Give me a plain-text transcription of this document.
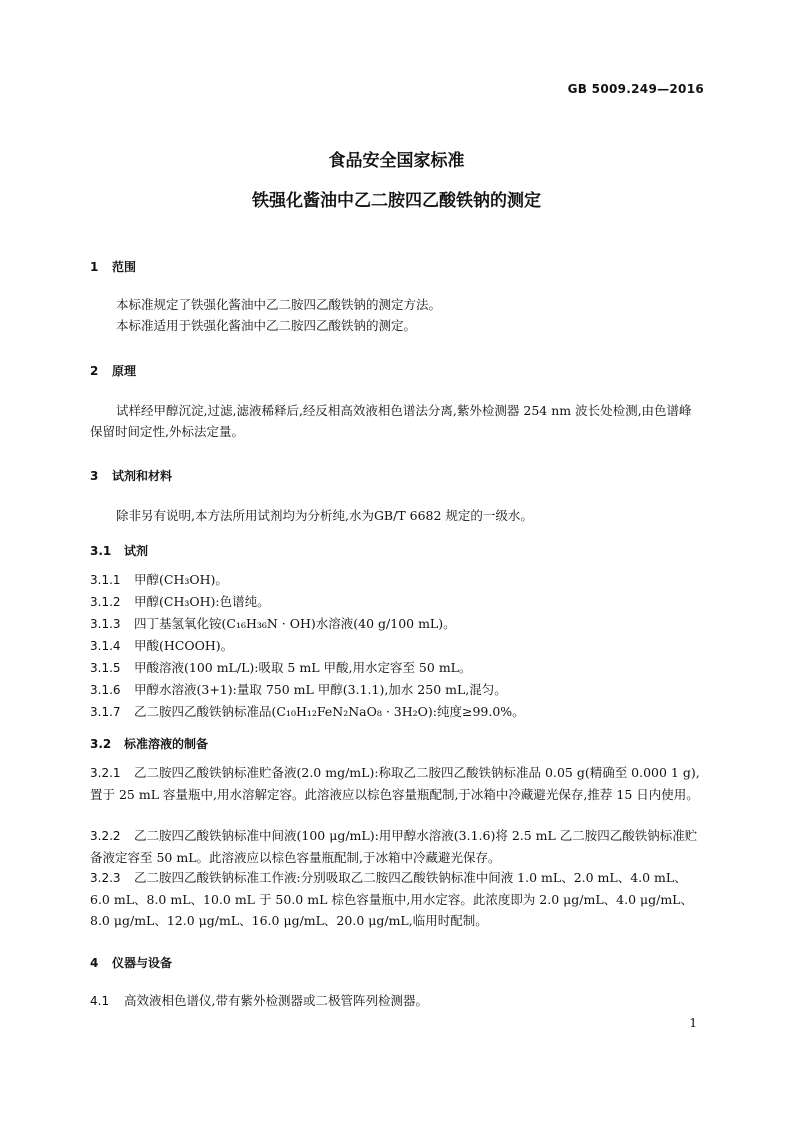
GB 5009.249—2016
食品安全国家标准
铁强化酱油中乙二胺四乙酸铁钠的测定
1 范围
本标准规定了铁强化酱油中乙二胺四乙酸铁钠的测定方法。
本标准适用于铁强化酱油中乙二胺四乙酸铁钠的测定。
2 原理
试样经甲醇沉淀,过滤,滤液稀释后,经反相高效液相色谱法分离,紫外检测器 254 nm 波长处检测,由色谱峰保留时间定性,外标法定量。
3 试剂和材料
除非另有说明,本方法所用试剂均为分析纯,水为GB/T 6682 规定的一级水。
3.1 试剂
3.1.1 甲醇(CH₃OH)。
3.1.2 甲醇(CH₃OH):色谱纯。
3.1.3 四丁基氢氧化铵(C₁₆H₃₆N · OH)水溶液(40 g/100 mL)。
3.1.4 甲酸(HCOOH)。
3.1.5 甲酸溶液(100 mL/L):吸取 5 mL 甲酸,用水定容至 50 mL。
3.1.6 甲醇水溶液(3+1):量取 750 mL 甲醇(3.1.1),加水 250 mL,混匀。
3.1.7 乙二胺四乙酸铁钠标准品(C₁₀H₁₂FeN₂NaO₈ · 3H₂O):纯度≥99.0%。
3.2 标准溶液的制备
3.2.1 乙二胺四乙酸铁钠标准贮备液(2.0 mg/mL):称取乙二胺四乙酸铁钠标准品 0.05 g(精确至 0.000 1 g),置于 25 mL 容量瓶中,用水溶解定容。此溶液应以棕色容量瓶配制,于冰箱中冷藏避光保存,推荐 15 日内使用。
3.2.2 乙二胺四乙酸铁钠标准中间液(100 μg/mL):用甲醇水溶液(3.1.6)将 2.5 mL 乙二胺四乙酸铁钠标准贮备液定容至 50 mL。此溶液应以棕色容量瓶配制,于冰箱中冷藏避光保存。
3.2.3 乙二胺四乙酸铁钠标准工作液:分别吸取乙二胺四乙酸铁钠标准中间液 1.0 mL、2.0 mL、4.0 mL、6.0 mL、8.0 mL、10.0 mL 于 50.0 mL 棕色容量瓶中,用水定容。此浓度即为 2.0 μg/mL、4.0 μg/mL、8.0 μg/mL、12.0 μg/mL、16.0 μg/mL、20.0 μg/mL,临用时配制。
4 仪器与设备
4.1 高效液相色谱仪,带有紫外检测器或二极管阵列检测器。
1
